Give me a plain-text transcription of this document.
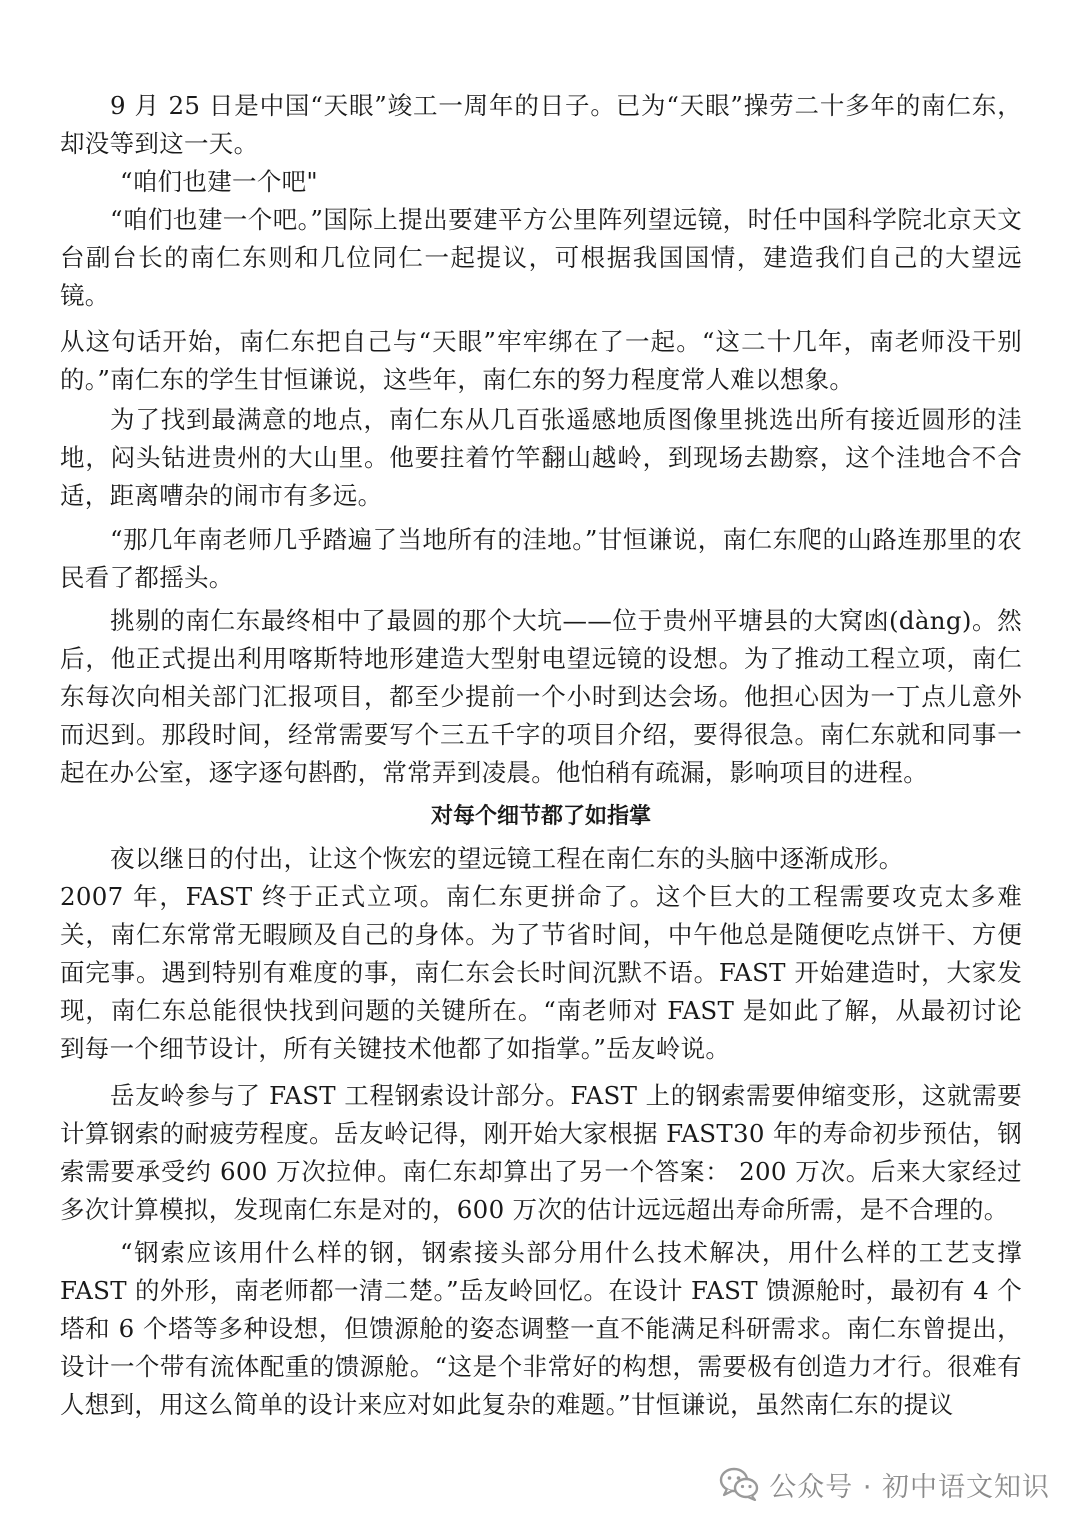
9 月 25 日是中国“天眼”竣工一周年的日子。已为“天眼”操劳二十多年的南仁东，却没等到这一天。

“咱们也建一个吧"

“咱们也建一个吧。”国际上提出要建平方公里阵列望远镜，时任中国科学院北京天文台副台长的南仁东则和几位同仁一起提议，可根据我国国情，建造我们自己的大望远镜。

从这句话开始，南仁东把自己与“天眼”牢牢绑在了一起。“这二十几年，南老师没干别的。”南仁东的学生甘恒谦说，这些年，南仁东的努力程度常人难以想象。

为了找到最满意的地点，南仁东从几百张遥感地质图像里挑选出所有接近圆形的洼地，闷头钻进贵州的大山里。他要拄着竹竿翻山越岭，到现场去勘察，这个洼地合不合适，距离嘈杂的闹市有多远。

“那几年南老师几乎踏遍了当地所有的洼地。”甘恒谦说，南仁东爬的山路连那里的农民看了都摇头。

挑剔的南仁东最终相中了最圆的那个大坑——位于贵州平塘县的大窝凼(dàng)。然后，他正式提出利用喀斯特地形建造大型射电望远镜的设想。为了推动工程立项，南仁东每次向相关部门汇报项目，都至少提前一个小时到达会场。他担心因为一丁点儿意外而迟到。那段时间，经常需要写个三五千字的项目介绍，要得很急。南仁东就和同事一起在办公室，逐字逐句斟酌，常常弄到凌晨。他怕稍有疏漏，影响项目的进程。

对每个细节都了如指掌

夜以继日的付出，让这个恢宏的望远镜工程在南仁东的头脑中逐渐成形。

2007 年，FAST 终于正式立项。南仁东更拼命了。这个巨大的工程需要攻克太多难关，南仁东常常无暇顾及自己的身体。为了节省时间，中午他总是随便吃点饼干、方便面完事。遇到特别有难度的事，南仁东会长时间沉默不语。FAST 开始建造时，大家发现，南仁东总能很快找到问题的关键所在。“南老师对 FAST 是如此了解，从最初讨论到每一个细节设计，所有关键技术他都了如指掌。”岳友岭说。

岳友岭参与了 FAST 工程钢索设计部分。FAST 上的钢索需要伸缩变形，这就需要计算钢索的耐疲劳程度。岳友岭记得，刚开始大家根据 FAST30 年的寿命初步预估，钢索需要承受约 600 万次拉伸。南仁东却算出了另一个答案： 200 万次。后来大家经过多次计算模拟，发现南仁东是对的，600 万次的估计远远超出寿命所需，是不合理的。

“钢索应该用什么样的钢，钢索接头部分用什么技术解决，用什么样的工艺支撑 FAST 的外形，南老师都一清二楚。”岳友岭回忆。在设计 FAST 馈源舱时，最初有 4 个塔和 6 个塔等多种设想，但馈源舱的姿态调整一直不能满足科研需求。南仁东曾提出，设计一个带有流体配重的馈源舱。“这是个非常好的构想，需要极有创造力才行。很难有人想到，用这么简单的设计来应对如此复杂的难题。”甘恒谦说，虽然南仁东的提议

公众号 · 初中语文知识
